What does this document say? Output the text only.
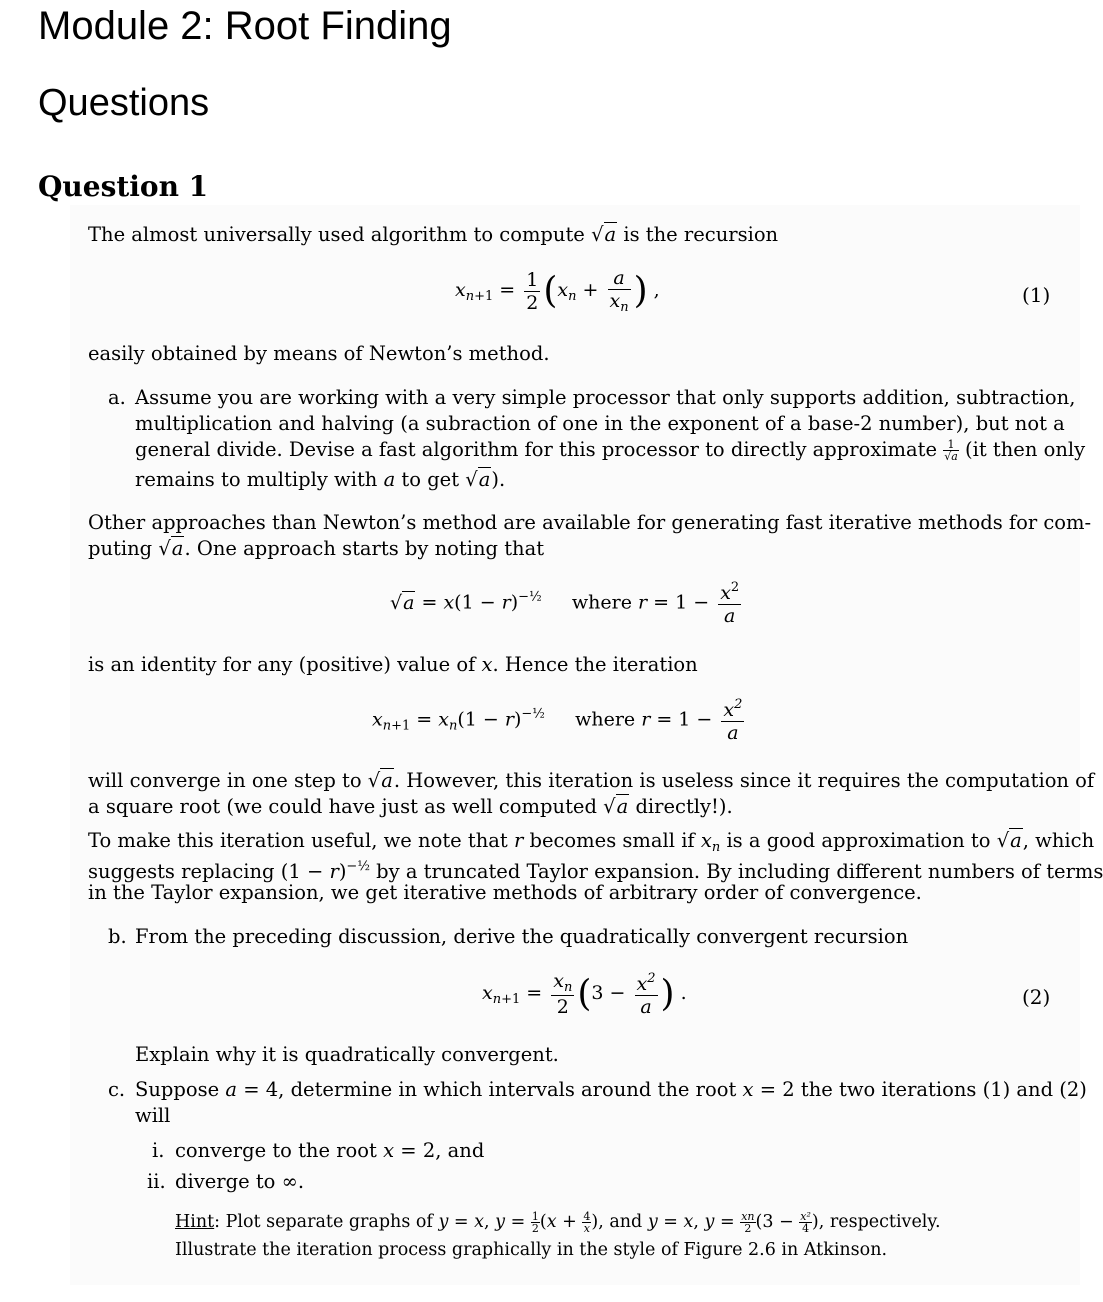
Module 2: Root Finding
Questions
Question 1
The almost universally used algorithm to compute √a is the recursion
$x_{n+1} = \frac{1}{2} (x_n + \frac{a}{x_n}$ ) ,	(1)
easily obtained by means of Newton’s method.
a. Assume you are working with a very simple processor that only supports addition, subtraction,
multiplication and halving (a subraction of one in the exponent of a base-2 number), but not a
general divide. Devise a fast algorithm for this processor to directly approximate $\frac{1}{√a} (it$ then only
remains to multiply with a to get √a).
Other approaches than Newton’s method are available for generating fast iterative methods for com-
puting √a. One approach starts by noting that
$√a = x(1 - r)^{-\frac{1}{2}}$ where $r = 1 - \frac{x^2}{a}$
is an identity for any (positive) value of x. Hence the iteration
$x_{n+1} = x_n(1 - r)^{-\frac{1}{2}}$ where $r = 1 - \frac{x^2}{a}$
will converge in one step to √a. However, this iteration is useless since it requires the computation of
a square root (we could have just as well computed √a directly!).
To make this iteration useful, we note that r becomes small if $x_n$ is a good approximation to √a, which
suggests replacing $(1 - r)^{-\frac{1}{2}}$ by a truncated Taylor expansion. By including different numbers of terms
in the Taylor expansion, we get iterative methods of arbitrary order of convergence.
b. From the preceding discussion, derive the quadratically convergent recursion
$x_{n+1} = \frac{x_n}{2} (3 - \frac{x^2}{a}$ ) .	(2)
Explain why it is quadratically convergent.
c. Suppose a = 4, determine in which intervals around the root x = 2 the two iterations (1) and (2)
will
i. converge to the root x = 2, and
ii. diverge to ∞.
Hint: Plot separate graphs of y = x, $y = \frac{1}{2} (x + \frac{4}{x}$ ), and y = x, $y = \frac{xn}{2} (3 - \frac{\text{x²}}{4}$ ), respectively.
Illustrate the iteration process graphically in the style of Figure 2.6 in Atkinson.
